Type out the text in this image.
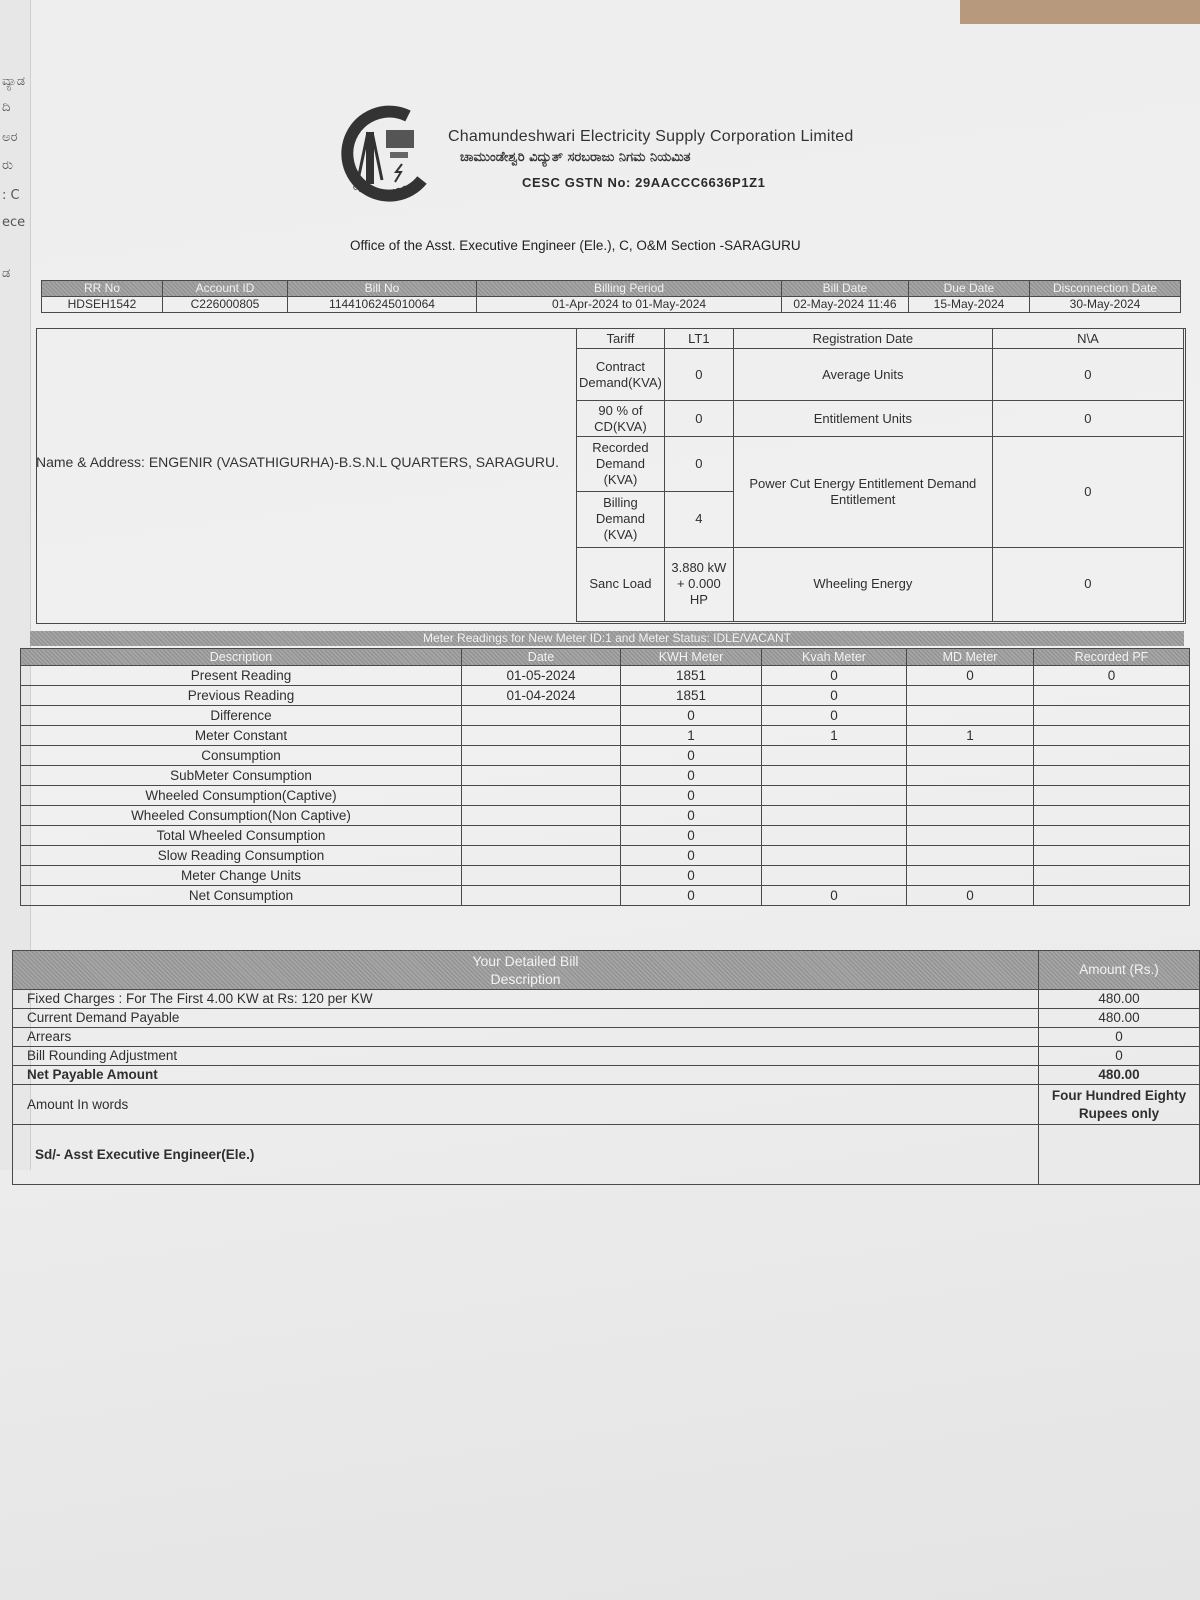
ವ್ಯಾಡ
ದಿ
ಅರ
ರು
: C
ece
ಡ
CESC MYSORE
Chamundeshwari Electricity Supply Corporation Limited
ಚಾಮುಂಡೇಶ್ವರಿ ವಿದ್ಯುತ್ ಸರಬರಾಜು ನಿಗಮ ನಿಯಮಿತ
CESC GSTN No: 29AACCC6636P1Z1
Office of the Asst. Executive Engineer (Ele.), C, O&M Section -SARAGURU
RR No	Account ID	Bill No	Billing Period	Bill Date	Due Date	Disconnection Date
HDSEH1542	C226000805	1144106245010064	01-Apr-2024 to 01-May-2024	02-May-2024 11:46	15-May-2024	30-May-2024
Name & Address: ENGENIR (VASATHIGURHA)-B.S.N.L QUARTERS, SARAGURU.
Tariff	LT1	Registration Date	N\A
Contract Demand(KVA)	0	Average Units	0
90 % of CD(KVA)	0	Entitlement Units	0
Recorded Demand (KVA)	0	Power Cut Energy Entitlement Demand Entitlement	0
Billing Demand (KVA)	4		
Sanc Load	3.880 kW + 0.000 HP	Wheeling Energy	0
Meter Readings for New Meter ID:1 and Meter Status: IDLE/VACANT
Description	Date	KWH Meter	Kvah Meter	MD Meter	Recorded PF
Present Reading	01-05-2024	1851	0	0	0
Previous Reading	01-04-2024	1851	0		
Difference		0	0		
Meter Constant		1	1	1	
Consumption		0			
SubMeter Consumption		0			
Wheeled Consumption(Captive)		0			
Wheeled Consumption(Non Captive)		0			
Total Wheeled Consumption		0			
Slow Reading Consumption		0			
Meter Change Units		0			
Net Consumption		0	0	0	
Your Detailed Bill
Description	Amount (Rs.)
Fixed Charges : For The First 4.00 KW at Rs: 120 per KW	480.00
Current Demand Payable	480.00
Arrears	0
Bill Rounding Adjustment	0
Net Payable Amount	480.00
Amount In words	Four Hundred Eighty Rupees only
Sd/- Asst Executive Engineer(Ele.)	
